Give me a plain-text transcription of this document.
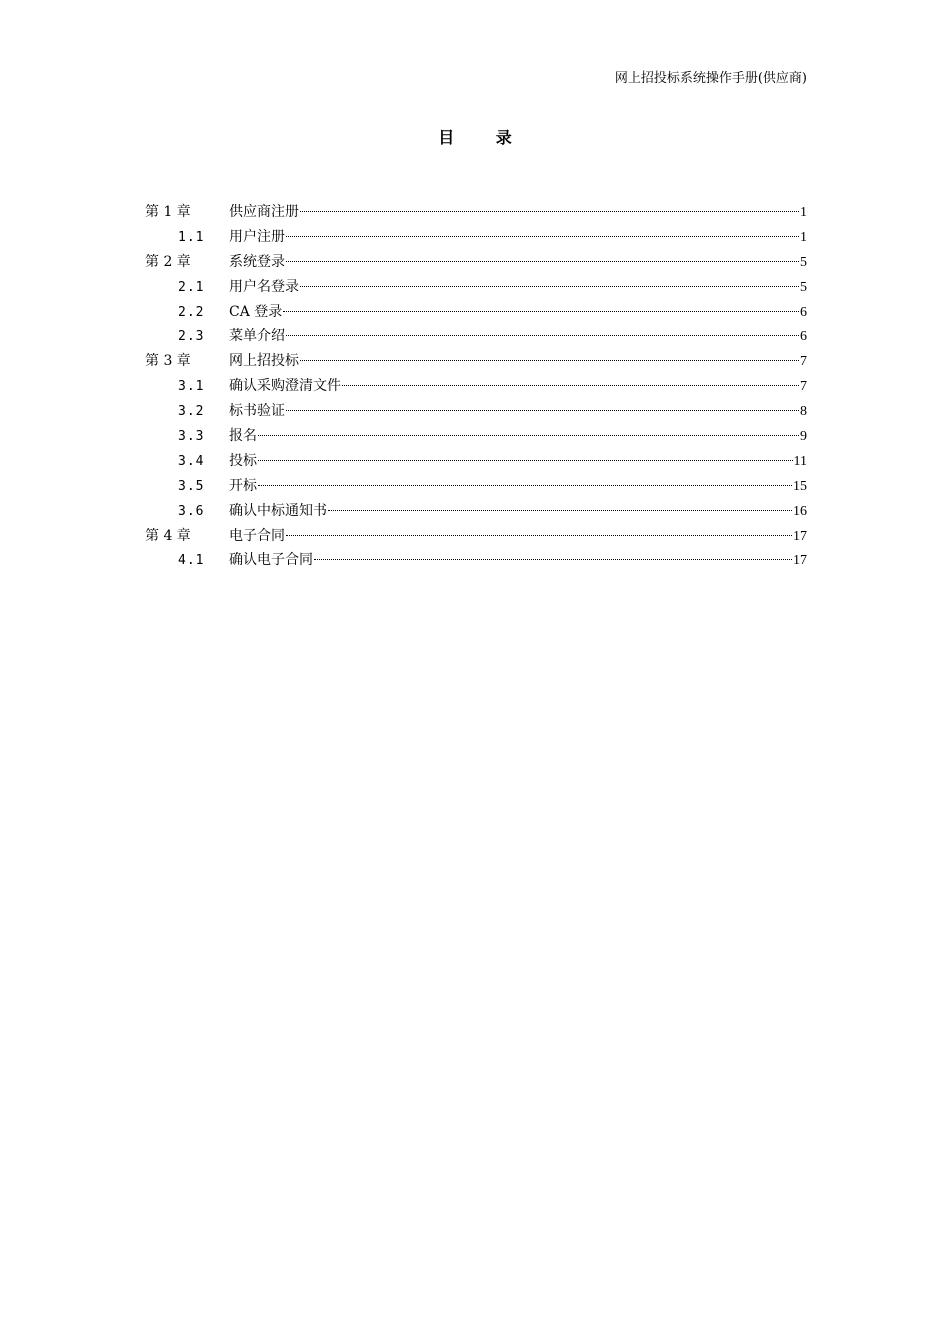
网上招投标系统操作手册(供应商)
目 录
第 1 章	供应商注册	1
1.1	用户注册	1
第 2 章	系统登录	5
2.1	用户名登录	5
2.2	CA 登录	6
2.3	菜单介绍	6
第 3 章	网上招投标	7
3.1	确认采购澄清文件	7
3.2	标书验证	8
3.3	报名	9
3.4	投标	11
3.5	开标	15
3.6	确认中标通知书	16
第 4 章	电子合同	17
4.1	确认电子合同	17
